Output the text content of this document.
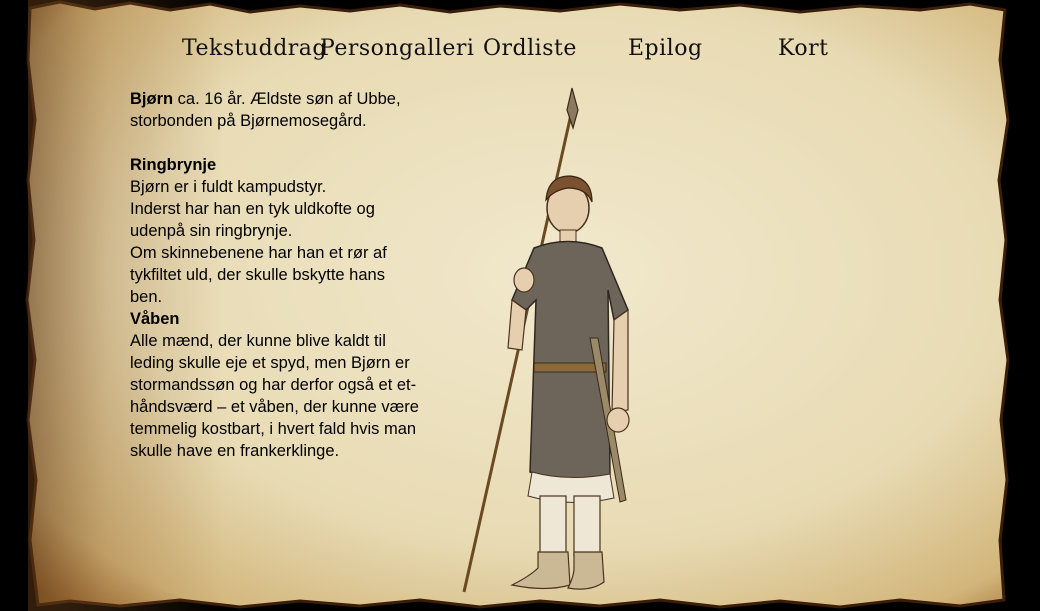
Tekstuddrag
Persongalleri Ordliste Epilog	Kort

Bjørn ca. 16 år. Ældste søn af Ubbe, storbonden på Bjørnemosegård.

Ringbrynje

Bjørn er i fuldt kampudstyr.

Inderst har han en tyk uldkofte og udenpå sin ringbrynje.

Om skinnebenene har han et rør af tykfiltet uld, der skulle bskytte hans ben.

Våben

Alle mænd, der kunne blive kaldt til leding skulle eje et spyd, men Bjørn er stormandssøn og har derfor også et et-håndsværd – et våben, der kunne være temmelig kostbart, i hvert fald hvis man skulle have en frankerklinge.
